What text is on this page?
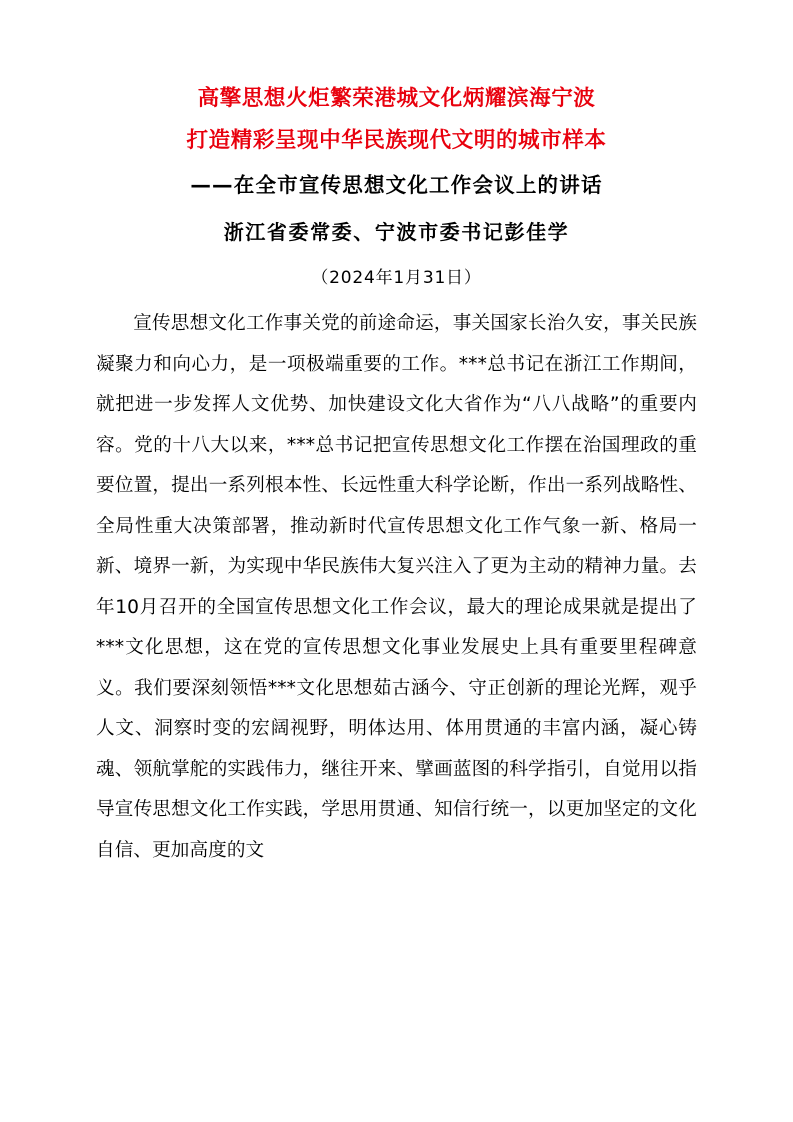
高擎思想火炬繁荣港城文化炳耀滨海宁波
打造精彩呈现中华民族现代文明的城市样本
——在全市宣传思想文化工作会议上的讲话
浙江省委常委、宁波市委书记彭佳学
（2024年1月31日）

宣传思想文化工作事关党的前途命运，事关国家长治久安，事关民族凝聚力和向心力，是一项极端重要的工作。***总书记在浙江工作期间，就把进一步发挥人文优势、加快建设文化大省作为“八八战略”的重要内容。党的十八大以来，***总书记把宣传思想文化工作摆在治国理政的重要位置，提出一系列根本性、长远性重大科学论断，作出一系列战略性、全局性重大决策部署，推动新时代宣传思想文化工作气象一新、格局一新、境界一新，为实现中华民族伟大复兴注入了更为主动的精神力量。去年10月召开的全国宣传思想文化工作会议，最大的理论成果就是提出了***文化思想，这在党的宣传思想文化事业发展史上具有重要里程碑意义。我们要深刻领悟***文化思想茹古涵今、守正创新的理论光辉，观乎人文、洞察时变的宏阔视野，明体达用、体用贯通的丰富内涵，凝心铸魂、领航掌舵的实践伟力，继往开来、擘画蓝图的科学指引，自觉用以指导宣传思想文化工作实践，学思用贯通、知信行统一，以更加坚定的文化自信、更加高度的文
